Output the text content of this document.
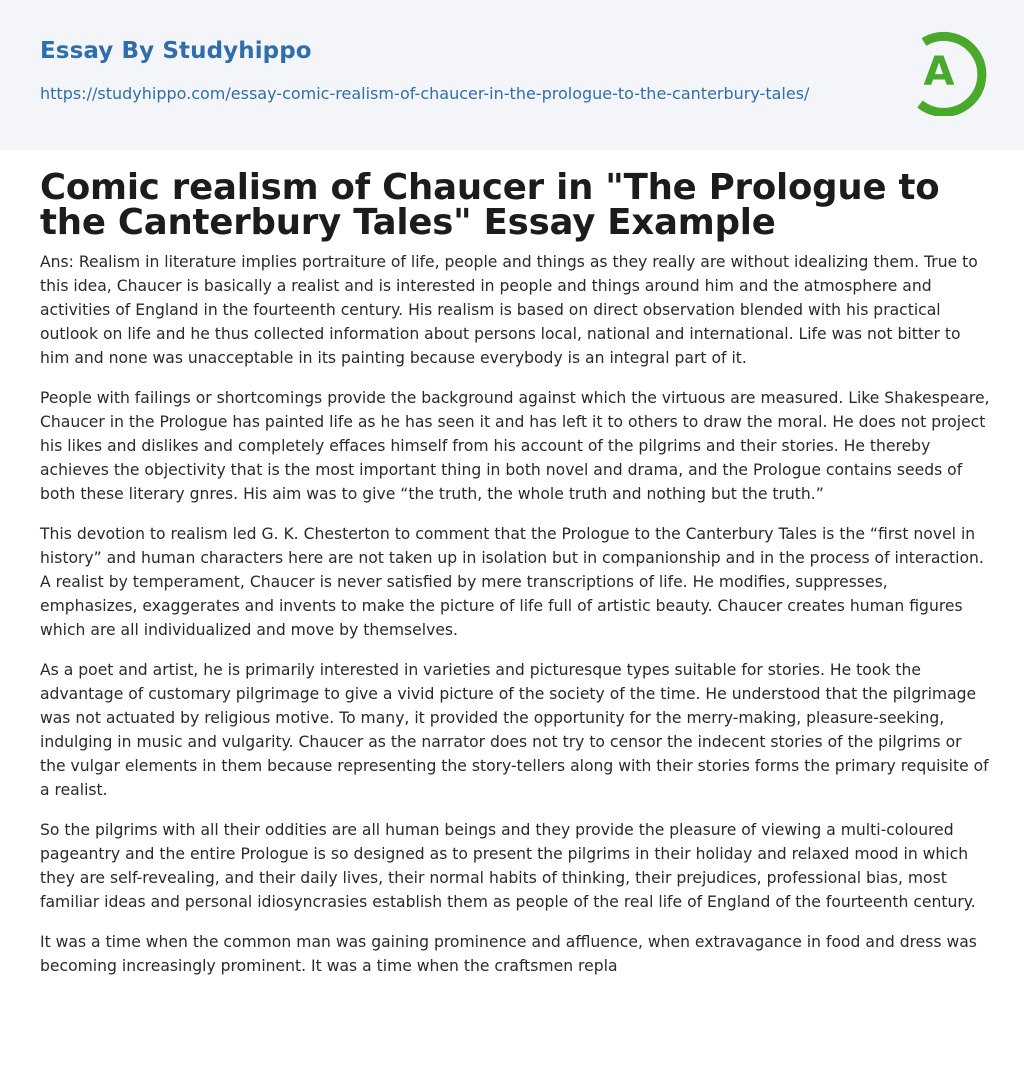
Essay By Studyhippo
https://studyhippo.com/essay-comic-realism-of-chaucer-in-the-prologue-to-the-canterbury-tales/	A
Comic realism of Chaucer in "The Prologue to the Canterbury Tales" Essay Example

Ans: Realism in literature implies portraiture of life, people and things as they really are without idealizing them. True to this idea, Chaucer is basically a realist and is interested in people and things around him and the atmosphere and activities of England in the fourteenth century. His realism is based on direct observation blended with his practical outlook on life and he thus collected information about persons local, national and international. Life was not bitter to him and none was unacceptable in its painting because everybody is an integral part of it.

People with failings or shortcomings provide the background against which the virtuous are measured. Like Shakespeare, Chaucer in the Prologue has painted life as he has seen it and has left it to others to draw the moral. He does not project his likes and dislikes and completely effaces himself from his account of the pilgrims and their stories. He thereby achieves the objectivity that is the most important thing in both novel and drama, and the Prologue contains seeds of both these literary gnres. His aim was to give “the truth, the whole truth and nothing but the truth.”

This devotion to realism led G. K. Chesterton to comment that the Prologue to the Canterbury Tales is the “first novel in history” and human characters here are not taken up in isolation but in companionship and in the process of interaction. A realist by temperament, Chaucer is never satisfied by mere transcriptions of life. He modifies, suppresses, emphasizes, exaggerates and invents to make the picture of life full of artistic beauty. Chaucer creates human figures which are all individualized and move by themselves.

As a poet and artist, he is primarily interested in varieties and picturesque types suitable for stories. He took the advantage of customary pilgrimage to give a vivid picture of the society of the time. He understood that the pilgrimage was not actuated by religious motive. To many, it provided the opportunity for the merry-making, pleasure-seeking, indulging in music and vulgarity. Chaucer as the narrator does not try to censor the indecent stories of the pilgrims or the vulgar elements in them because representing the story-tellers along with their stories forms the primary requisite of a realist.

So the pilgrims with all their oddities are all human beings and they provide the pleasure of viewing a multi-coloured pageantry and the entire Prologue is so designed as to present the pilgrims in their holiday and relaxed mood in which they are self-revealing, and their daily lives, their normal habits of thinking, their prejudices, professional bias, most familiar ideas and personal idiosyncrasies establish them as people of the real life of England of the fourteenth century.

It was a time when the common man was gaining prominence and affluence, when extravagance in food and dress was becoming increasingly prominent. It was a time when the craftsmen repla
